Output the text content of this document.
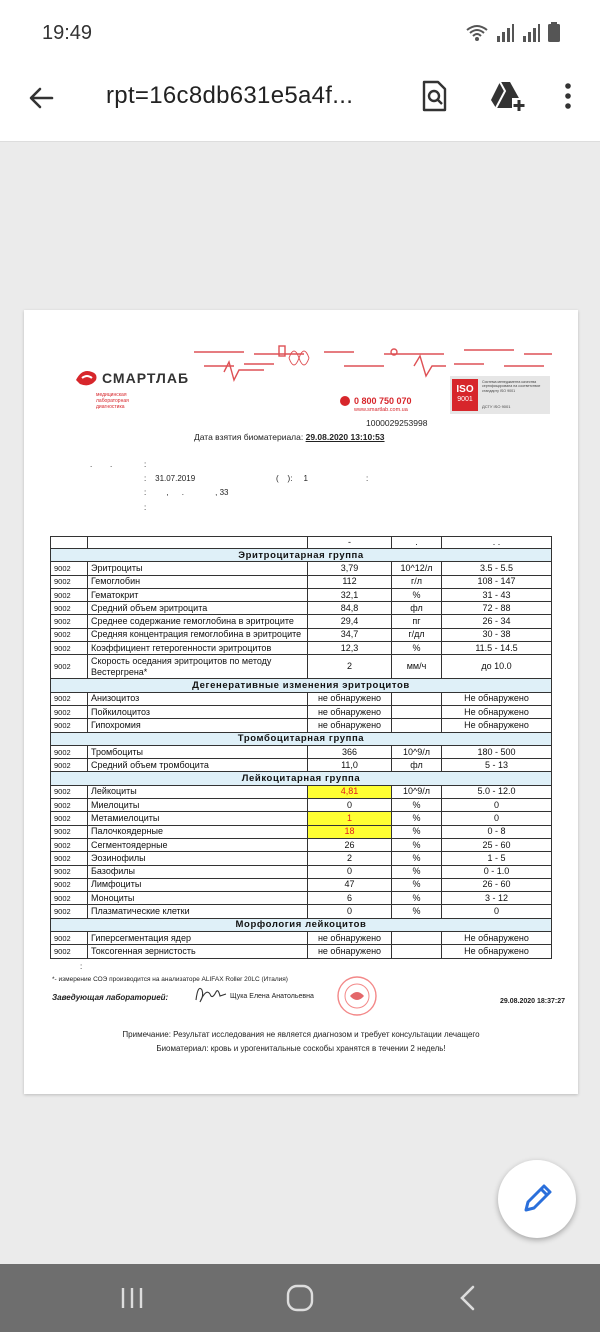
19:49
rpt=16c8db631e5a4f...
СМАРТЛАБ
медицинская
лабораторная
диагностика
0 800 750 070
www.smartlab.com.ua
ISO
9001
Система менеджмента качества сертифицирована на соответствие стандарту ISO 9001
ДСТУ ISO 9001
1000029253998
Дата взятия биоматериала: 29.08.2020 13:10:53
.        .	:
:    31.07.2019	(    ):     1	:
:         ,      .              , 33
:
		-	.	. .
Эритроцитарная группа				
9002	Эритроциты	3,79	10^12/л	3.5 - 5.5
9002	Гемоглобин	112	г/л	108 - 147
9002	Гематокрит	32,1	%	31 - 43
9002	Средний объем эритроцита	84,8	фл	72 - 88
9002	Среднее содержание гемоглобина в эритроците	29,4	пг	26 - 34
9002	Средняя концентрация гемоглобина в эритроците	34,7	г/дл	30 - 38
9002	Коэффициент гетерогенности эритроцитов	12,3	%	11.5 - 14.5
9002	Скорость оседания эритроцитов по методу Вестергрена*	2	мм/ч	до 10.0
Дегенеративные изменения эритроцитов				
9002	Анизоцитоз	не обнаружено		Не обнаружено
9002	Пойкилоцитоз	не обнаружено		Не обнаружено
9002	Гипохромия	не обнаружено		Не обнаружено
Тромбоцитарная группа				
9002	Тромбоциты	366	10^9/л	180 - 500
9002	Средний объем тромбоцита	11,0	фл	5 - 13
Лейкоцитарная группа				
9002	Лейкоциты	4,81	10^9/л	5.0 - 12.0
9002	Миелоциты	0	%	0
9002	Метамиелоциты	1	%	0
9002	Палочкоядерные	18	%	0 - 8
9002	Сегментоядерные	26	%	25 - 60
9002	Эозинофилы	2	%	1 - 5
9002	Базофилы	0	%	0 - 1.0
9002	Лимфоциты	47	%	26 - 60
9002	Моноциты	6	%	3 - 12
9002	Плазматические клетки	0	%	0
Морфология лейкоцитов				
9002	Гиперсегментация ядер	не обнаружено		Не обнаружено
9002	Токсогенная зернистость	не обнаружено		Не обнаружено
:
*- измерение СОЭ производится на анализаторе ALIFAX Roller 20LC (Италия)
Заведующая лабораторией:	Щука Елена Анатольевна
29.08.2020 18:37:27
Примечание: Результат исследования не является диагнозом и требует консультации лечащего
Биоматериал: кровь и урогенитальные соскобы хранятся в течении 2 недель!
